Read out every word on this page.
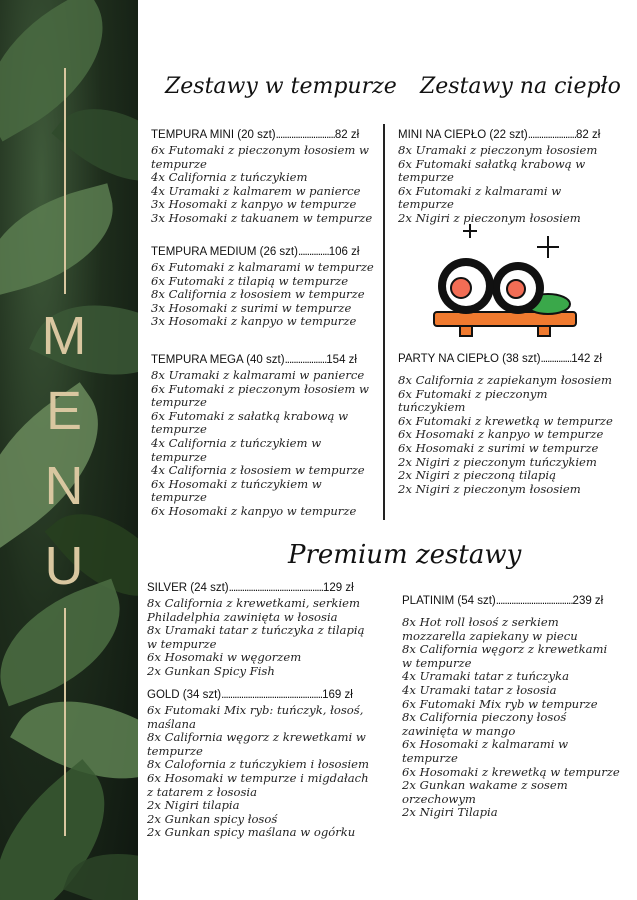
M
E
N
U
Zestawy w tempurze Zestawy na ciepło
Premium zestawy
TEMPURA MINI (20 szt)...........................82 zł
6x Futomaki z pieczonym łososiem w tempurze
4x California z tuńczykiem
4x Uramaki z kalmarem w panierce
3x Hosomaki z kanpyo w tempurze
3x Hosomaki z takuanem w tempurze
TEMPURA MEDIUM (26 szt)..............106 zł
6x Futomaki z kalmarami w tempurze
6x Futomaki z tilapią w tempurze
8x California z łososiem w tempurze
3x Hosomaki z surimi w tempurze
3x Hosomaki z kanpyo w tempurze
TEMPURA MEGA (40 szt)...................154 zł
8x Uramaki z kalmarami w panierce
6x Futomaki z pieczonym łososiem w tempurze
6x Futomaki z sałatką krabową w tempurze
4x California z tuńczykiem w tempurze
4x California z łososiem w tempurze
6x Hosomaki z tuńczykiem w tempurze
6x Hosomaki z kanpyo w tempurze
MINI NA CIEPŁO (22 szt)......................82 zł
8x Uramaki z pieczonym łososiem
6x Futomaki sałatką krabową w tempurze
6x Futomaki z kalmarami w tempurze
2x Nigiri z pieczonym łososiem
PARTY NA CIEPŁO (38 szt)..............142 zł
8x California z zapiekanym łososiem
6x Futomaki z pieczonym tuńczykiem
6x Futomaki z krewetką w tempurze
6x Hosomaki z kanpyo w tempurze
6x Hosomaki z surimi w tempurze
2x Nigiri z pieczonym tuńczykiem
2x Nigiri z pieczoną tilapią
2x Nigiri z pieczonym łososiem
SILVER (24 szt)...........................................129 zł
8x California z krewetkami, serkiem Philadelphia zawinięta w łososia
8x Uramaki tatar z tuńczyka z tilapią w tempurze
6x Hosomaki w węgorzem
2x Gunkan Spicy Fish
GOLD (34 szt)..............................................169 zł
6x Futomaki Mix ryb: tuńczyk, łosoś, maślana
8x California węgorz z krewetkami w tempurze
8x Calofornia z tuńczykiem i łososiem
6x Hosomaki w tempurze i migdałach z tatarem z łososia
2x Nigiri tilapia
2x Gunkan spicy łosoś
2x Gunkan spicy maślana w ogórku
PLATINIM (54 szt)...................................239 zł
8x Hot roll łosoś z serkiem mozzarella zapiekany w piecu
8x California węgorz z krewetkami w tempurze
4x Uramaki tatar z tuńczyka
4x Uramaki tatar z łososia
6x Futomaki Mix ryb w tempurze
8x California pieczony łosoś zawinięta w mango
6x Hosomaki z kalmarami w tempurze
6x Hosomaki z krewetką w tempurze
2x Gunkan wakame z sosem orzechowym
2x Nigiri Tilapia
